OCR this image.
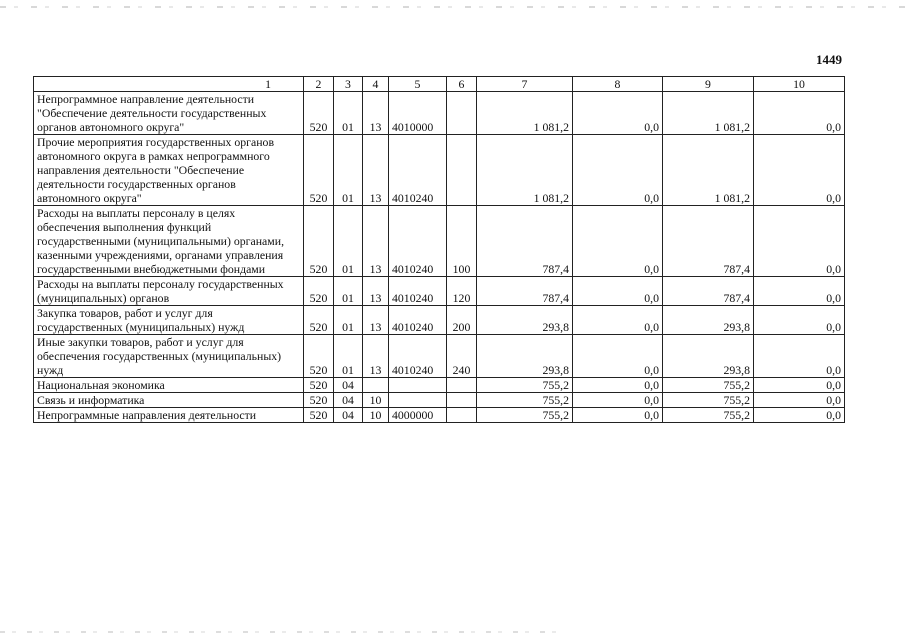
1449
1	2	3	4	5	6	7	8	9	10
Непрограммное направление деятельности "Обеспечение деятельности государственных органов автономного округа"	520	01	13	4010000		1 081,2	0,0	1 081,2	0,0
Прочие мероприятия государственных органов автономного округа в рамках непрограммного направления деятельности "Обеспечение деятельности государственных органов автономного округа"	520	01	13	4010240		1 081,2	0,0	1 081,2	0,0
Расходы на выплаты персоналу в целях обеспечения выполнения функций государственными (муниципальными) органами, казенными учреждениями, органами управления государственными внебюджетными фондами	520	01	13	4010240	100	787,4	0,0	787,4	0,0
Расходы на выплаты персоналу государственных (муниципальных) органов	520	01	13	4010240	120	787,4	0,0	787,4	0,0
Закупка товаров, работ и услуг для государственных (муниципальных) нужд	520	01	13	4010240	200	293,8	0,0	293,8	0,0
Иные закупки товаров, работ и услуг для обеспечения государственных (муниципальных) нужд	520	01	13	4010240	240	293,8	0,0	293,8	0,0
Национальная экономика	520	04				755,2	0,0	755,2	0,0
Связь и информатика	520	04	10			755,2	0,0	755,2	0,0
Непрограммные направления деятельности	520	04	10	4000000		755,2	0,0	755,2	0,0
